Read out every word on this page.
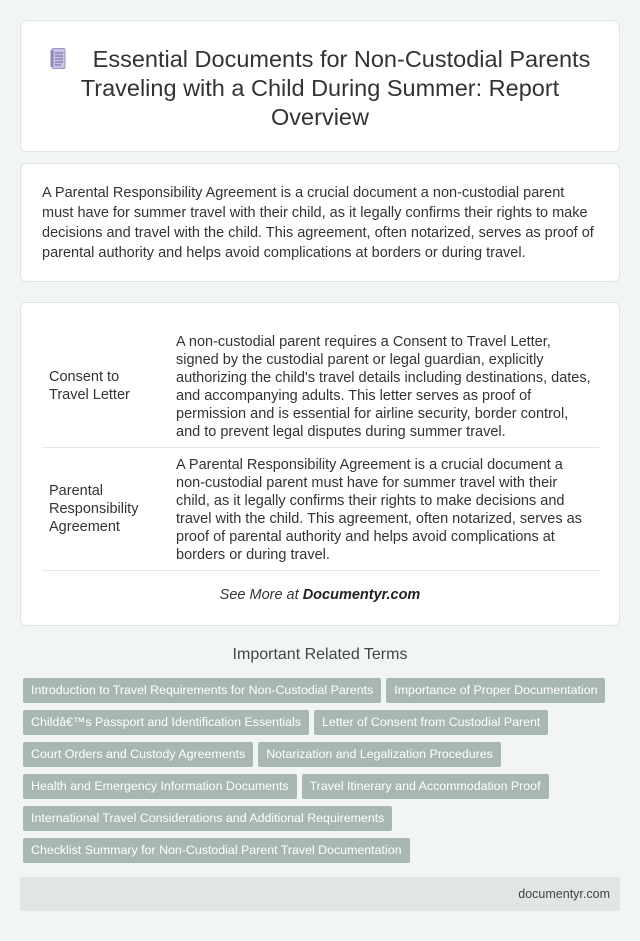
Essential Documents for Non-Custodial Parents Traveling with a Child During Summer: Report Overview

A Parental Responsibility Agreement is a crucial document a non-custodial parent must have for summer travel with their child, as it legally confirms their rights to make decisions and travel with the child. This agreement, often notarized, serves as proof of parental authority and helps avoid complications at borders or during travel.

Consent to Travel Letter	A non-custodial parent requires a Consent to Travel Letter, signed by the custodial parent or legal guardian, explicitly authorizing the child's travel details including destinations, dates, and accompanying adults. This letter serves as proof of permission and is essential for airline security, border control, and to prevent legal disputes during summer travel.
Parental Responsibility Agreement	A Parental Responsibility Agreement is a crucial document a non-custodial parent must have for summer travel with their child, as it legally confirms their rights to make decisions and travel with the child. This agreement, often notarized, serves as proof of parental authority and helps avoid complications at borders or during travel.
See More at Documentyr.com
Important Related Terms
Introduction to Travel Requirements for Non-Custodial Parents Importance of Proper Documentation
Childâ€™s Passport and Identification Essentials Letter of Consent from Custodial Parent
Court Orders and Custody Agreements Notarization and Legalization Procedures
Health and Emergency Information Documents Travel Itinerary and Accommodation Proof
International Travel Considerations and Additional Requirements
Checklist Summary for Non-Custodial Parent Travel Documentation
documentyr.com
